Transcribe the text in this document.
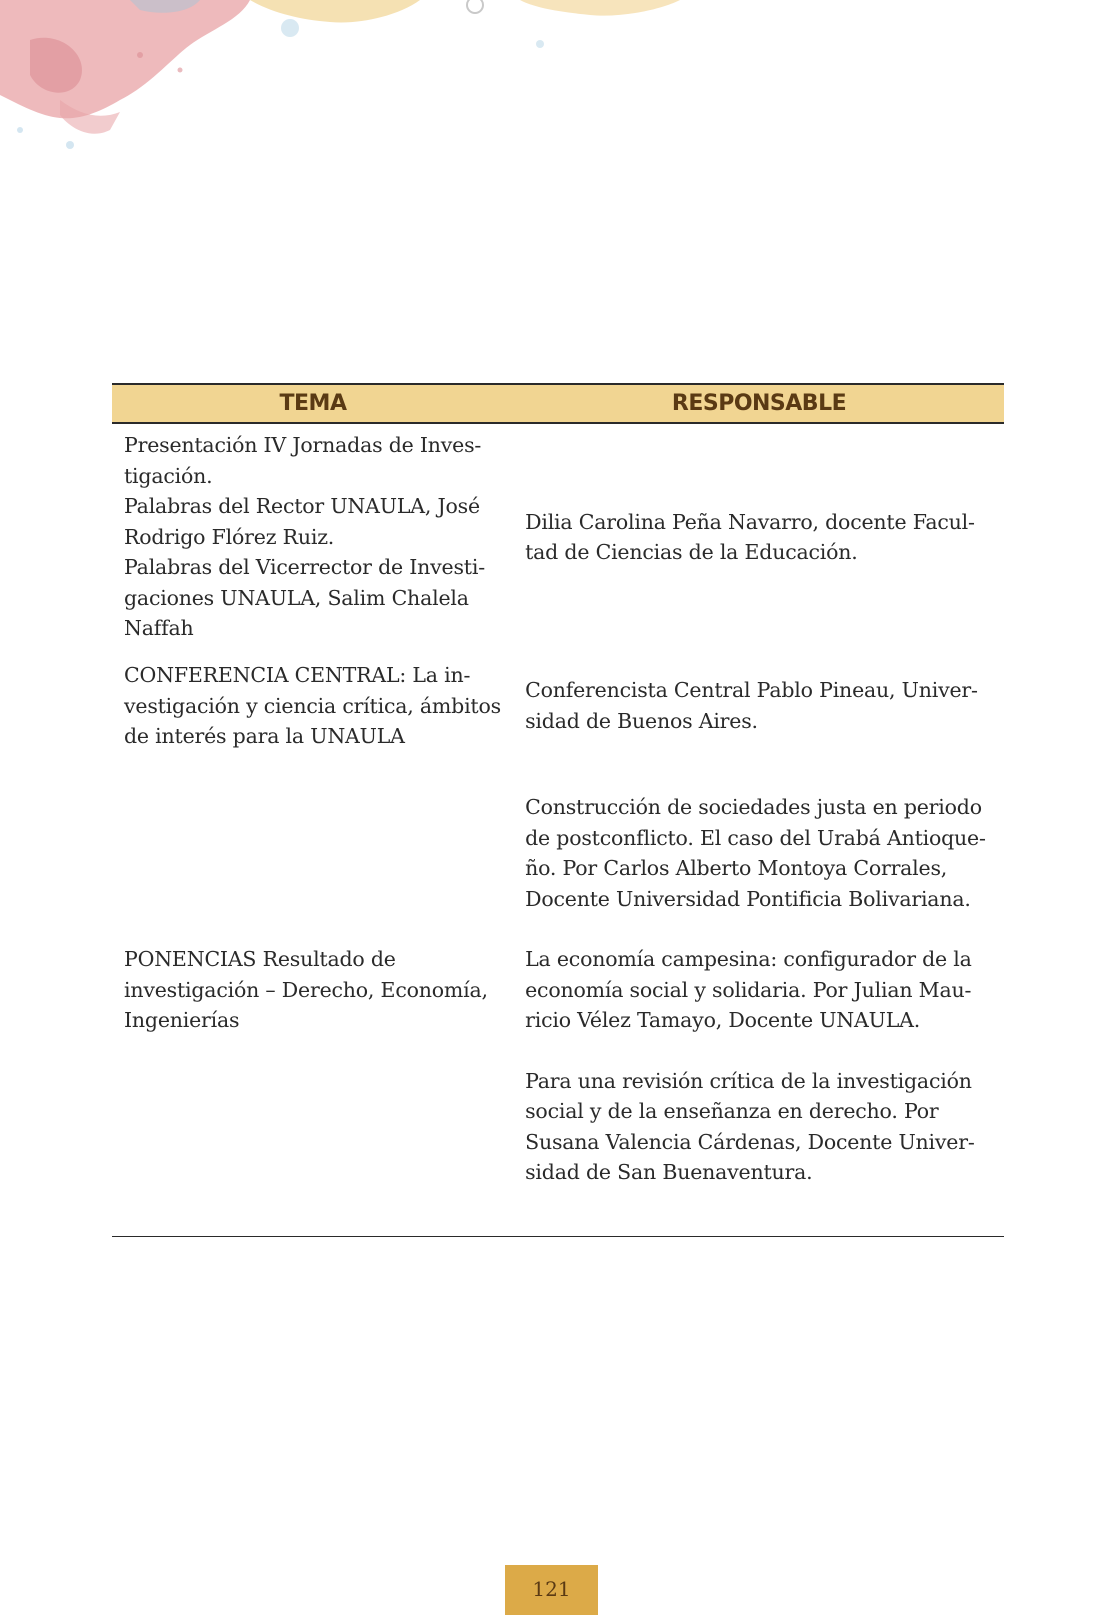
TEMA	RESPONSABLE
Presentación IV Jornadas de Inves-
tigación.
Palabras del Rector UNAULA, José
Rodrigo Flórez Ruiz.
Palabras del Vicerrector de Investi-
gaciones UNAULA, Salim Chalela
Naffah
Dilia Carolina Peña Navarro, docente Facul-
tad de Ciencias de la Educación.
CONFERENCIA CENTRAL: La in-
vestigación y ciencia crítica, ámbitos
de interés para la UNAULA
Conferencista Central Pablo Pineau, Univer-
sidad de Buenos Aires.
PONENCIAS Resultado de
investigación – Derecho, Economía,
Ingenierías

Construcción de sociedades justa en periodo
de postconflicto. El caso del Urabá Antioque-
ño. Por Carlos Alberto Montoya Corrales,
Docente Universidad Pontificia Bolivariana.

La economía campesina: configurador de la
economía social y solidaria. Por Julian Mau-
ricio Vélez Tamayo, Docente UNAULA.

Para una revisión crítica de la investigación
social y de la enseñanza en derecho. Por
Susana Valencia Cárdenas, Docente Univer-
sidad de San Buenaventura.

121
